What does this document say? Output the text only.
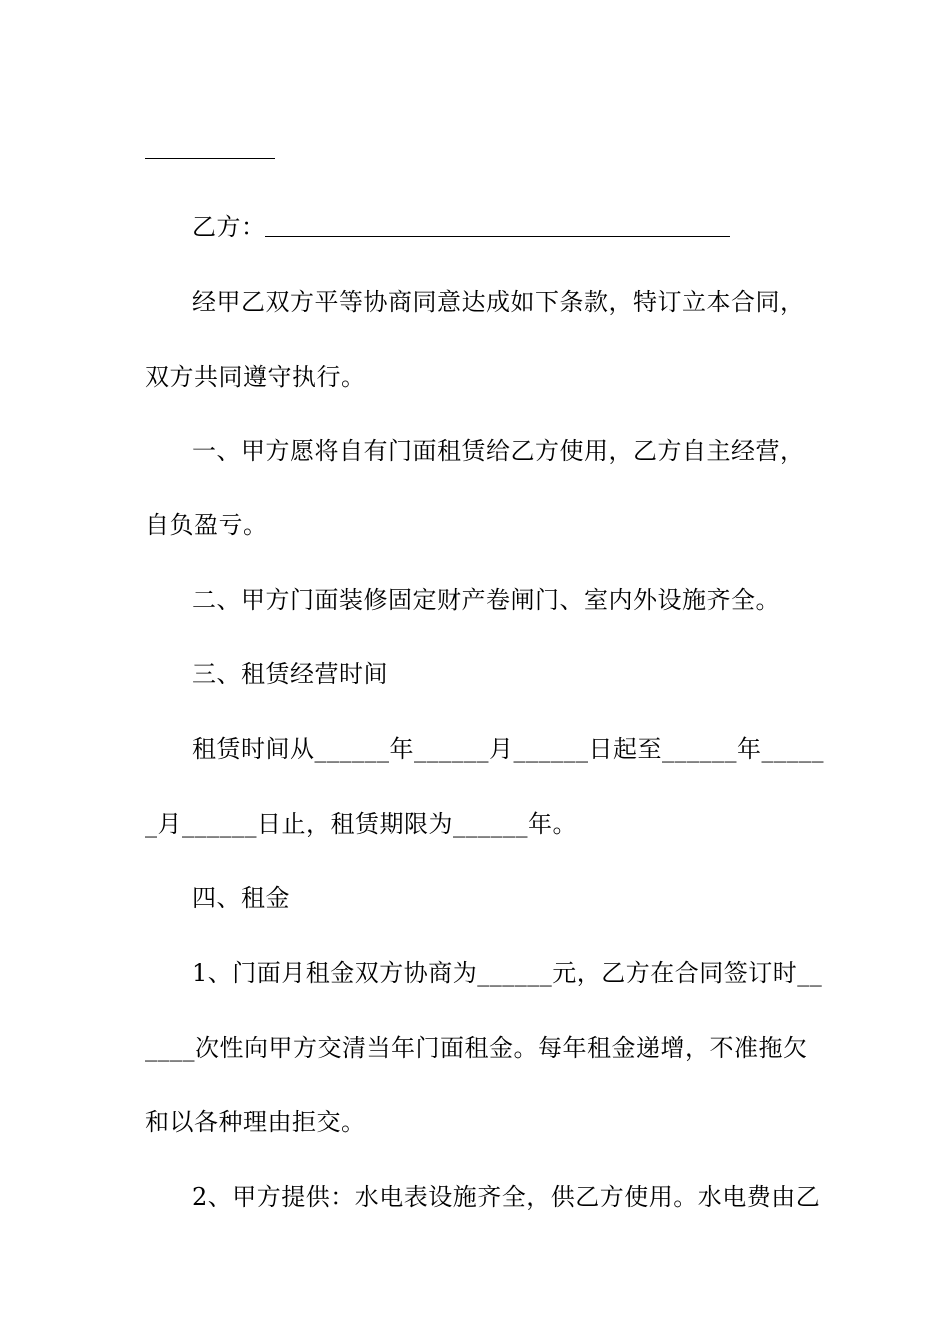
乙方：
经甲乙双方平等协商同意达成如下条款，特订立本合同，
双方共同遵守执行。
一、甲方愿将自有门面租赁给乙方使用，乙方自主经营，
自负盈亏。
二、甲方门面装修固定财产卷闸门、室内外设施齐全。
三、租赁经营时间
租赁时间从______年______月______日起至______年_____
_月______日止，租赁期限为______年。
四、租金
1、门面月租金双方协商为______元，乙方在合同签订时__
____次性向甲方交清当年门面租金。每年租金递增，不准拖欠
和以各种理由拒交。
2、甲方提供：水电表设施齐全，供乙方使用。水电费由乙
